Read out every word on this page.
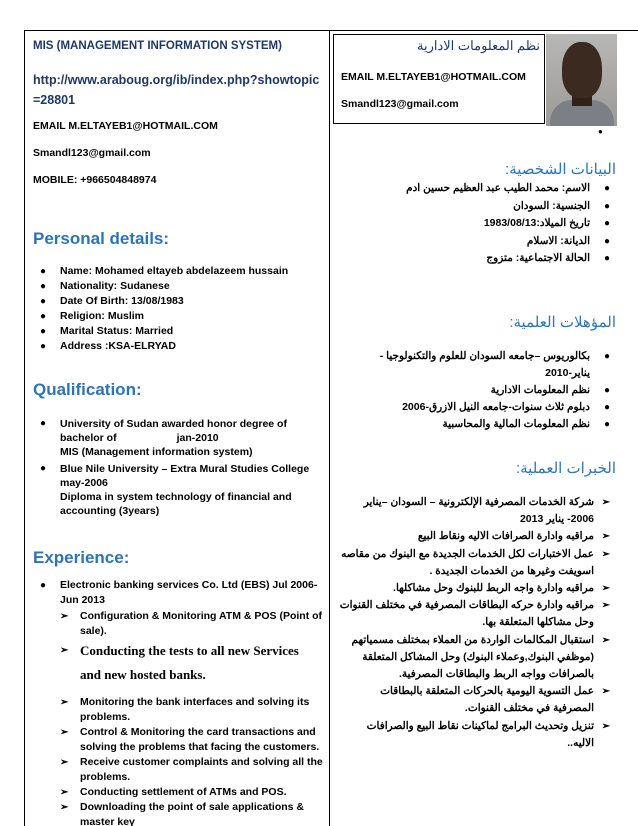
MIS (MANAGEMENT INFORMATION SYSTEM)
http://www.araboug.org/ib/index.php?showtopic=28801
EMAIL M.ELTAYEB1@HOTMAIL.COM
Smandl123@gmail.com
MOBILE: +966504848974
Personal details:
● Name: Mohamed eltayeb abdelazeem hussain
● Nationality: Sudanese
● Date Of Birth: 13/08/1983
● Religion: Muslim
● Marital Status: Married
● Address :KSA-ELRYAD
Qualification:
● University of Sudan awarded honor degree of
bachelor of	jan-2010
MIS (Management information system)
● Blue Nile University – Extra Mural Studies College
may-2006
Diploma in system technology of financial and
accounting (3years)
Experience:
● Electronic banking services Co. Ltd (EBS) Jul 2006- Jun 2013
➢ Configuration & Monitoring ATM & POS (Point of sale).
➢ Conducting the tests to all new Services
and new hosted banks.
➢ Monitoring the bank interfaces and solving its problems.
➢ Control & Monitoring the card transactions and solving the problems that facing the customers.
➢ Receive customer complaints and solving all the problems.
➢ Conducting settlement of ATMs and POS.
➢ Downloading the point of sale applications & master key
نظم المعلومات الادارية
EMAIL M.ELTAYEB1@HOTMAIL.COM
Smandl123@gmail.com
●
البيانات الشخصية:
●
الاسم: محمد الطيب عبد العظيم حسين ادم
●
الجنسية: السودان
●
تاريخ الميلاد:1983/08/13
●
الديانة: الاسلام
●
الحالة الاجتماعية: متزوج
المؤهلات العلمية:
●
بكالوريوس –جامعه السودان للعلوم والتكنولوجيا - يناير-2010
●
نظم المعلومات الادارية
●
دبلوم ثلاث سنوات-جامعه النيل الازرق-2006
●
نظم المعلومات المالية والمحاسبية
الخبرات العملية:
➢
شركة الخدمات المصرفية الإلكترونية – السودان –يناير 2006- يناير 2013
➢
مراقبه وادارة الصرافات الاليه ونقاط البيع
➢
عمل الاختبارات لكل الخدمات الجديدة مع البنوك من مقاصه اسويفت وغيرها من الخدمات الجديدة .
➢
مراقبه وادارة واجه الربط للبنوك وحل مشاكلها.
➢
مراقبه وادارة حركه البطاقات المصرفية في مختلف القنوات وحل مشاكلها المتعلقة بها.
➢
استقبال المكالمات الواردة من العملاء بمختلف مسمياتهم (موظفي البنوك,وعملاء البنوك) وحل المشاكل المتعلقة بالصرافات وواجه الربط والبطاقات المصرفية.
➢
عمل التسوية اليومية بالحركات المتعلقة بالبطاقات المصرفية في مختلف القنوات.
➢
تنزيل وتحديث البرامج لماكينات نقاط البيع والصرافات الاليه..
